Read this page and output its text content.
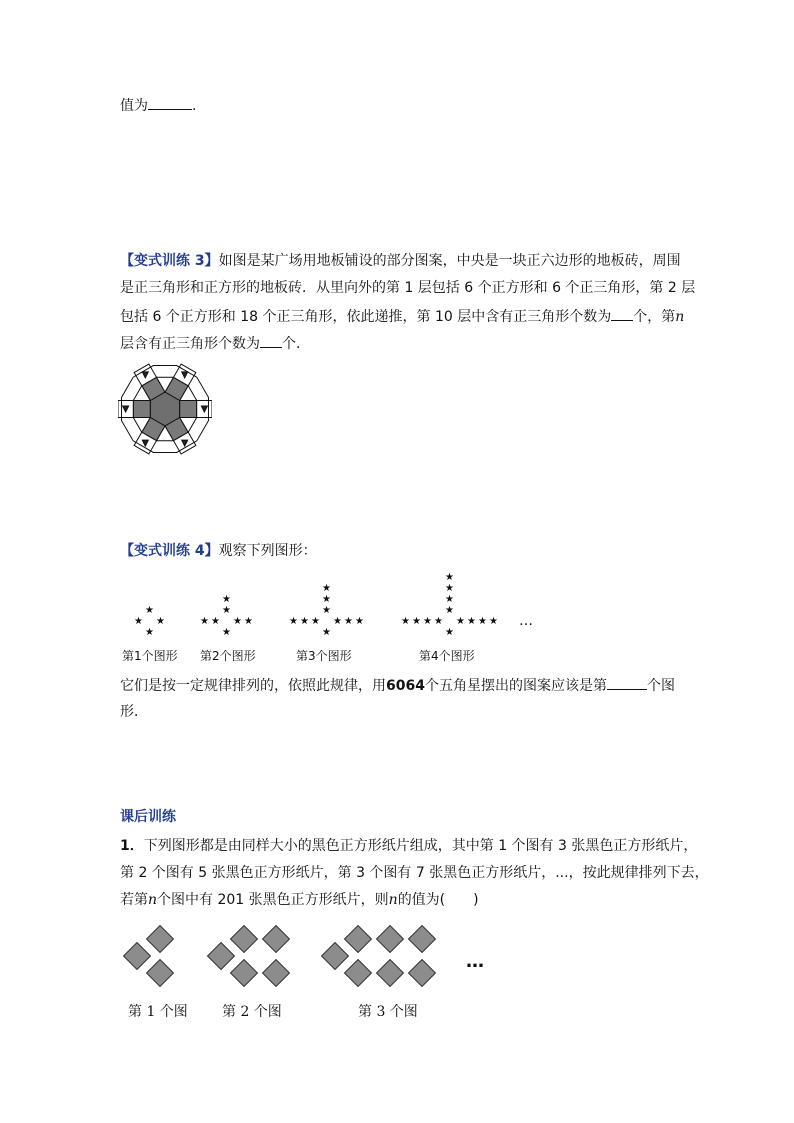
值为	.
【变式训练 3】如图是某广场用地板铺设的部分图案，中央是一块正六边形的地板砖，周围
是正三角形和正方形的地板砖．从里向外的第 1 层包括 6 个正方形和 6 个正三角形，第 2 层
包括 6 个正方形和 18 个正三角形，依此递推，第 10 层中含有正三角形个数为 个，第n
层含有正三角形个数为 个．
【变式训练 4】观察下列图形：
★ ★
★
★
★ ★
★	★
★
★
★
★ ★
★	★
★	★
★
★
★
★
★ ★
★	★
★	★
★	★
★
★
★
★
★
第1个图形 第2个图形	第3个图形	第4个图形
…
它们是按一定规律排列的，依照此规律，用6064个五角星摆出的图案应该是第	个图
形．
课后训练
1．下列图形都是由同样大小的黑色正方形纸片组成，其中第 1 个图有 3 张黑色正方形纸片，
第 2 个图有 5 张黑色正方形纸片，第 3 个图有 7 张黑色正方形纸片，...，按此规律排列下去，
若第n个图中有 201 张黑色正方形纸片，则n的值为(　　)
…
第 1 个图 第 2 个图	第 3 个图
